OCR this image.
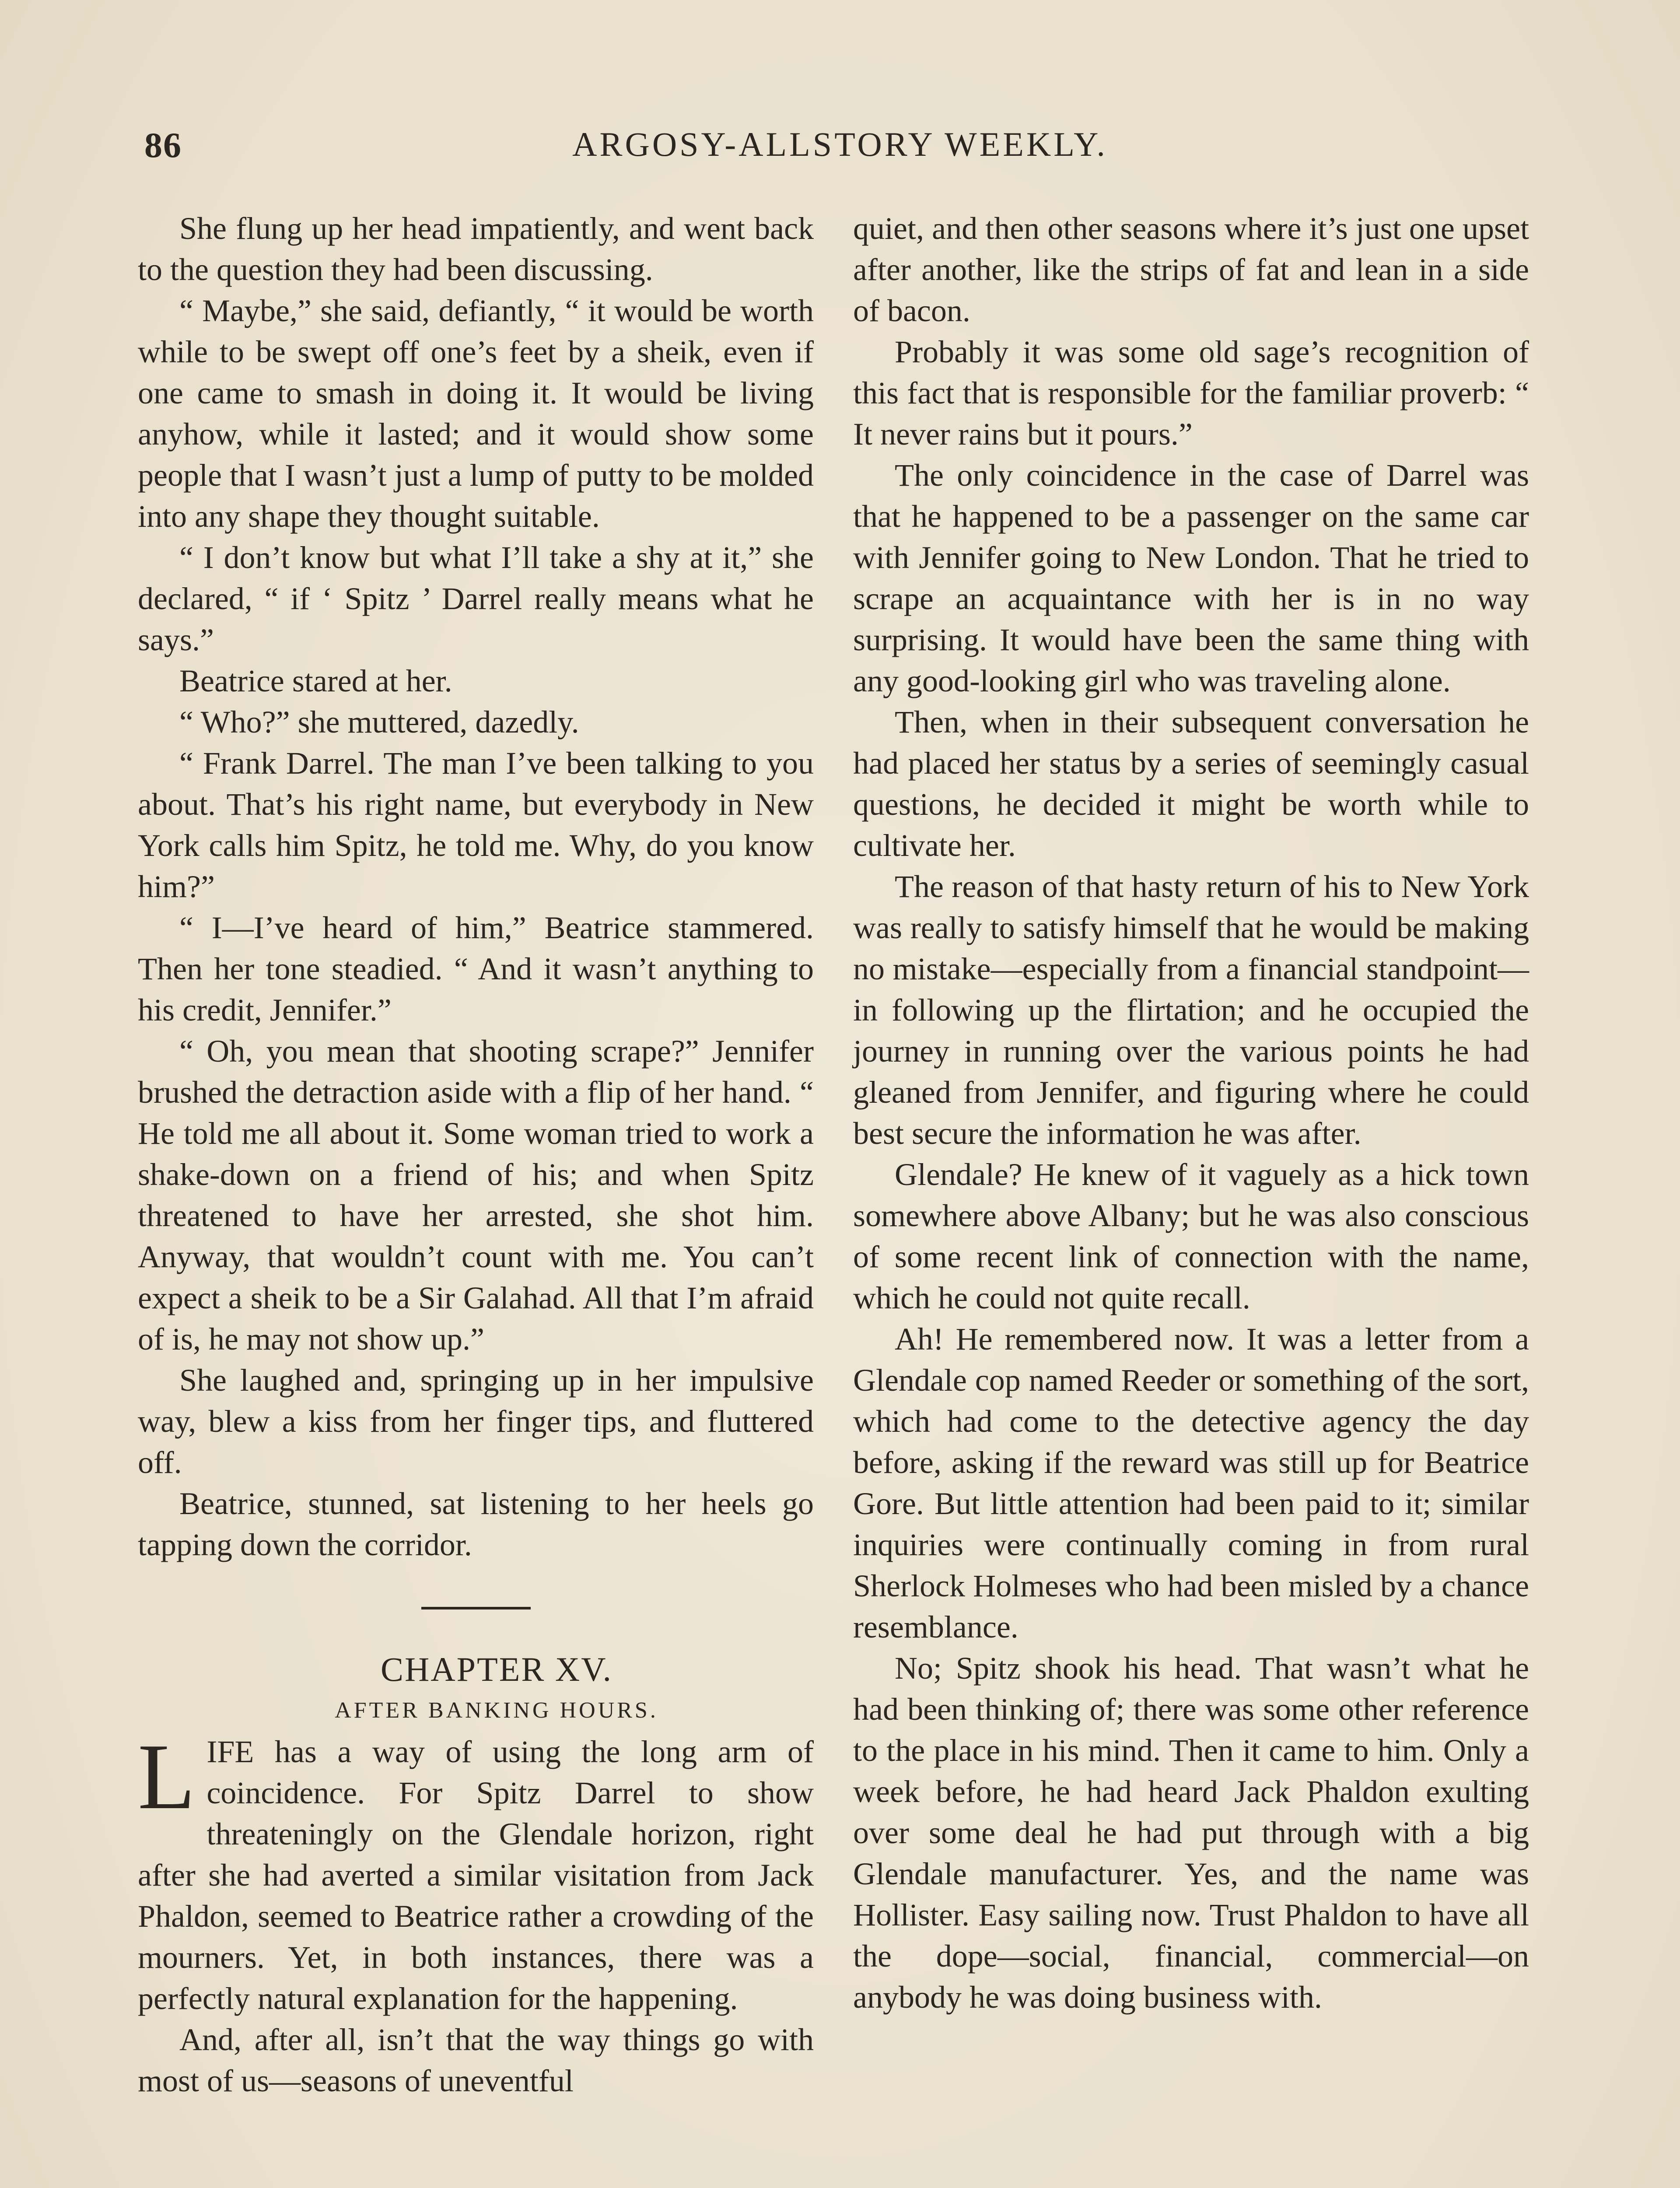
86	ARGOSY-ALLSTORY WEEKLY.

She flung up her head impatiently, and went back to the question they had been discussing.

“ Maybe,” she said, defiantly, “ it would be worth while to be swept off one’s feet by a sheik, even if one came to smash in doing it. It would be living anyhow, while it lasted; and it would show some people that I wasn’t just a lump of putty to be molded into any shape they thought suitable.

“ I don’t know but what I’ll take a shy at it,” she declared, “ if ‘ Spitz ’ Darrel really means what he says.”

Beatrice stared at her.

“ Who?” she muttered, dazedly.

“ Frank Darrel. The man I’ve been talking to you about. That’s his right name, but everybody in New York calls him Spitz, he told me. Why, do you know him?”

“ I—I’ve heard of him,” Beatrice stammered. Then her tone steadied. “ And it wasn’t anything to his credit, Jennifer.”

“ Oh, you mean that shooting scrape?” Jennifer brushed the detraction aside with a flip of her hand. “ He told me all about it. Some woman tried to work a shake-down on a friend of his; and when Spitz threatened to have her arrested, she shot him. Anyway, that wouldn’t count with me. You can’t expect a sheik to be a Sir Galahad. All that I’m afraid of is, he may not show up.”

She laughed and, springing up in her impulsive way, blew a kiss from her finger tips, and fluttered off.

Beatrice, stunned, sat listening to her heels go tapping down the corridor.

CHAPTER XV.

AFTER BANKING HOURS.

LIFE has a way of using the long arm of coincidence. For Spitz Darrel to show threateningly on the Glendale horizon, right after she had averted a similar visitation from Jack Phaldon, seemed to Beatrice rather a crowding of the mourners. Yet, in both instances, there was a perfectly natural explanation for the happening.

And, after all, isn’t that the way things go with most of us—seasons of uneventful

quiet, and then other seasons where it’s just one upset after another, like the strips of fat and lean in a side of bacon.

Probably it was some old sage’s recognition of this fact that is responsible for the familiar proverb: “ It never rains but it pours.”

The only coincidence in the case of Darrel was that he happened to be a passenger on the same car with Jennifer going to New London. That he tried to scrape an acquaintance with her is in no way surprising. It would have been the same thing with any good-looking girl who was traveling alone.

Then, when in their subsequent conversation he had placed her status by a series of seemingly casual questions, he decided it might be worth while to cultivate her.

The reason of that hasty return of his to New York was really to satisfy himself that he would be making no mistake—especially from a financial standpoint—in following up the flirtation; and he occupied the journey in running over the various points he had gleaned from Jennifer, and figuring where he could best secure the information he was after.

Glendale? He knew of it vaguely as a hick town somewhere above Albany; but he was also conscious of some recent link of connection with the name, which he could not quite recall.

Ah! He remembered now. It was a letter from a Glendale cop named Reeder or something of the sort, which had come to the detective agency the day before, asking if the reward was still up for Beatrice Gore. But little attention had been paid to it; similar inquiries were continually coming in from rural Sherlock Holmeses who had been misled by a chance resemblance.

No; Spitz shook his head. That wasn’t what he had been thinking of; there was some other reference to the place in his mind. Then it came to him. Only a week before, he had heard Jack Phaldon exulting over some deal he had put through with a big Glendale manufacturer. Yes, and the name was Hollister. Easy sailing now. Trust Phaldon to have all the dope—social, financial, commercial—on anybody he was doing business with.
